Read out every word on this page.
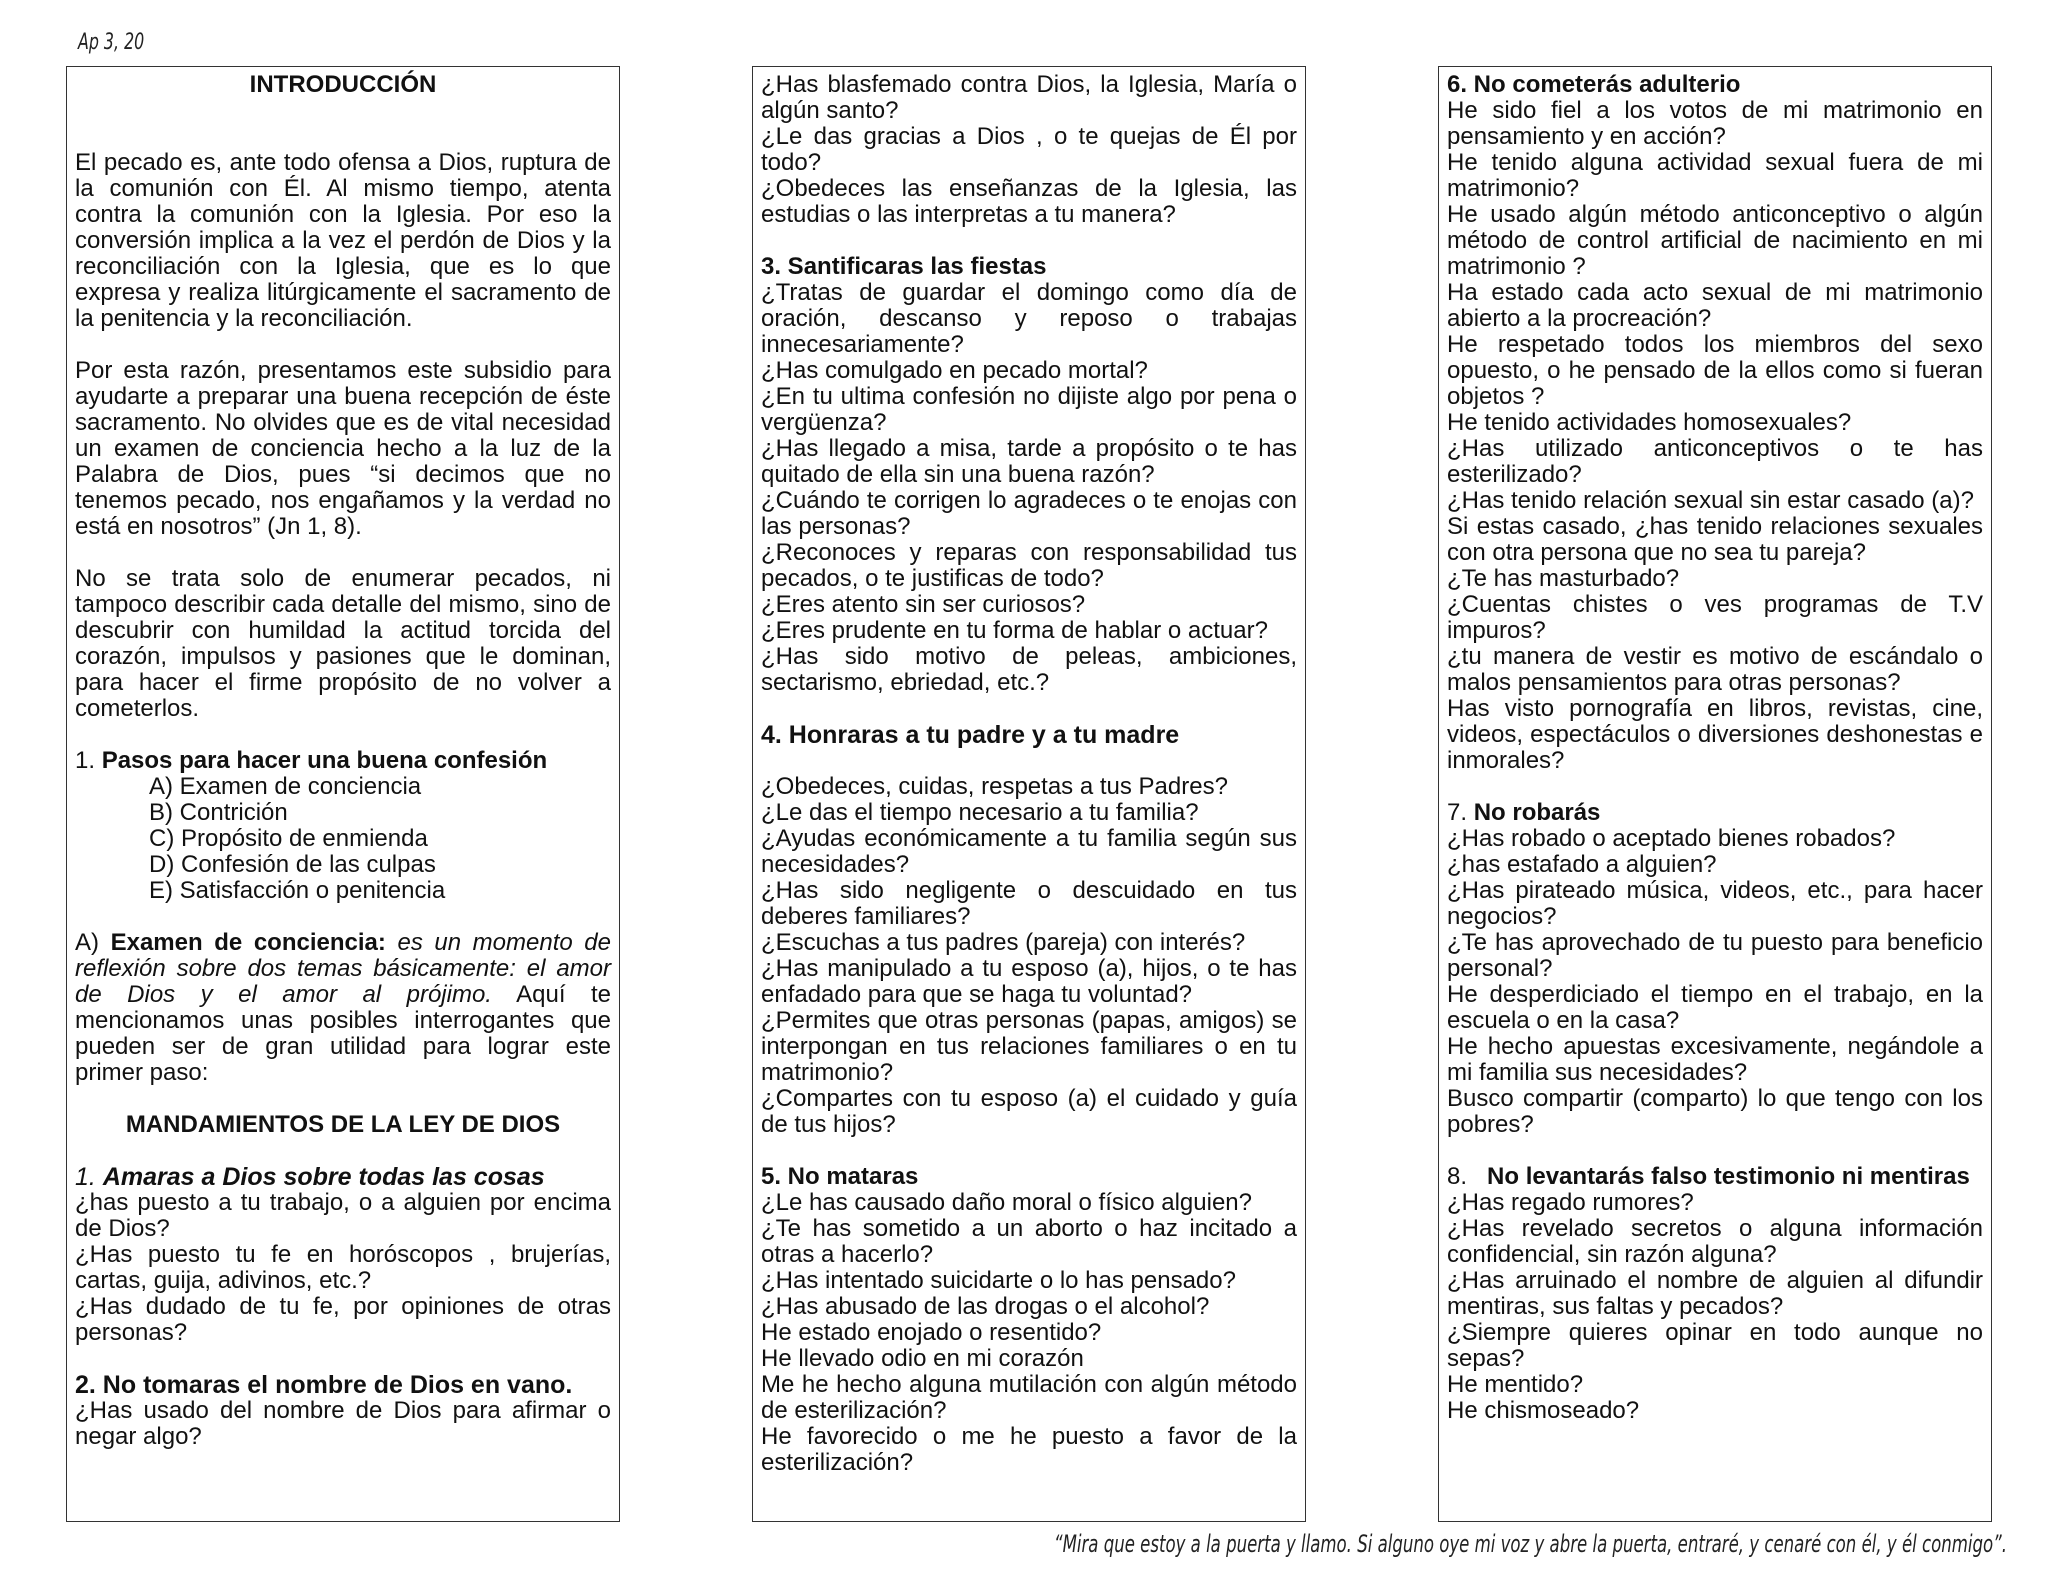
Ap 3, 20

INTRODUCCIÓN

El pecado es, ante todo ofensa a Dios, ruptura de la comunión con Él. Al mismo tiempo, atenta contra la comunión con la Iglesia. Por eso la conversión implica a la vez el perdón de Dios y la reconciliación con la Iglesia, que es lo que expresa y realiza litúrgicamente el sacramento de la penitencia y la reconciliación.

Por esta razón, presentamos este subsidio para ayudarte a preparar una buena recepción de éste sacramento. No olvides que es de vital necesidad un examen de conciencia hecho a la luz de la Palabra de Dios, pues “si decimos que no tenemos pecado, nos engañamos y la verdad no está en nosotros” (Jn 1, 8).

No se trata solo de enumerar pecados, ni tampoco describir cada detalle del mismo, sino de descubrir con humildad la actitud torcida del corazón, impulsos y pasiones que le dominan, para hacer el firme propósito de no volver a cometerlos.

1. Pasos para hacer una buena confesión

A) Examen de conciencia

B) Contrición

C) Propósito de enmienda

D) Confesión de las culpas

E) Satisfacción o penitencia

A) Examen de conciencia: es un momento de reflexión sobre dos temas básicamente: el amor de Dios y el amor al prójimo. Aquí te mencionamos unas posibles interrogantes que pueden ser de gran utilidad para lograr este primer paso:

MANDAMIENTOS DE LA LEY DE DIOS

1. Amaras a Dios sobre todas las cosas

¿has puesto a tu trabajo, o a alguien por encima de Dios?

¿Has puesto tu fe en horóscopos , brujerías, cartas, guija, adivinos, etc.?

¿Has dudado de tu fe, por opiniones de otras personas?

2. No tomaras el nombre de Dios en vano.

¿Has usado del nombre de Dios para afirmar o negar algo?

¿Has blasfemado contra Dios, la Iglesia, María o algún santo?

¿Le das gracias a Dios , o te quejas de Él por todo?

¿Obedeces las enseñanzas de la Iglesia, las estudias o las interpretas a tu manera?

3. Santificaras las fiestas

¿Tratas de guardar el domingo como día de oración, descanso y reposo o trabajas innecesariamente?

¿Has comulgado en pecado mortal?

¿En tu ultima confesión no dijiste algo por pena o vergüenza?

¿Has llegado a misa, tarde a propósito o te has quitado de ella sin una buena razón?

¿Cuándo te corrigen lo agradeces o te enojas con las personas?

¿Reconoces y reparas con responsabilidad tus pecados, o te justificas de todo?

¿Eres atento sin ser curiosos?

¿Eres prudente en tu forma de hablar o actuar?

¿Has sido motivo de peleas, ambiciones, sectarismo, ebriedad, etc.?

4. Honraras a tu padre y a tu madre

¿Obedeces, cuidas, respetas a tus Padres?

¿Le das el tiempo necesario a tu familia?

¿Ayudas económicamente a tu familia según sus necesidades?

¿Has sido negligente o descuidado en tus deberes familiares?

¿Escuchas a tus padres (pareja) con interés?

¿Has manipulado a tu esposo (a), hijos, o te has enfadado para que se haga tu voluntad?

¿Permites que otras personas (papas, amigos) se interpongan en tus relaciones familiares o en tu matrimonio?

¿Compartes con tu esposo (a) el cuidado y guía de tus hijos?

5. No mataras

¿Le has causado daño moral o físico alguien?

¿Te has sometido a un aborto o haz incitado a otras a hacerlo?

¿Has intentado suicidarte o lo has pensado?

¿Has abusado de las drogas o el alcohol?

He estado enojado o resentido?

He llevado odio en mi corazón

Me he hecho alguna mutilación con algún método de esterilización?

He favorecido o me he puesto a favor de la esterilización?

6. No cometerás adulterio

He sido fiel a los votos de mi matrimonio en pensamiento y en acción?

He tenido alguna actividad sexual fuera de mi matrimonio?

He usado algún método anticonceptivo o algún método de control artificial de nacimiento en mi matrimonio ?

Ha estado cada acto sexual de mi matrimonio abierto a la procreación?

He respetado todos los miembros del sexo opuesto, o he pensado de la ellos como si fueran objetos ?

He tenido actividades homosexuales?

¿Has utilizado anticonceptivos o te has esterilizado?

¿Has tenido relación sexual sin estar casado (a)?

Si estas casado, ¿has tenido relaciones sexuales con otra persona que no sea tu pareja?

¿Te has masturbado?

¿Cuentas chistes o ves programas de T.V impuros?

¿tu manera de vestir es motivo de escándalo o malos pensamientos para otras personas?

Has visto pornografía en libros, revistas, cine, videos, espectáculos o diversiones deshonestas e inmorales?

7. No robarás

¿Has robado o aceptado bienes robados?

¿has estafado a alguien?

¿Has pirateado música, videos, etc., para hacer negocios?

¿Te has aprovechado de tu puesto para beneficio personal?

He desperdiciado el tiempo en el trabajo, en la escuela o en la casa?

He hecho apuestas excesivamente, negándole a mi familia sus necesidades?

Busco compartir (comparto) lo que tengo con los pobres?

8. No levantarás falso testimonio ni mentiras

¿Has regado rumores?

¿Has revelado secretos o alguna información confidencial, sin razón alguna?

¿Has arruinado el nombre de alguien al difundir mentiras, sus faltas y pecados?

¿Siempre quieres opinar en todo aunque no sepas?

He mentido?

He chismoseado?

“Mira que estoy a la puerta y llamo. Si alguno oye mi voz y abre la puerta, entraré, y cenaré con él, y él conmigo”.
